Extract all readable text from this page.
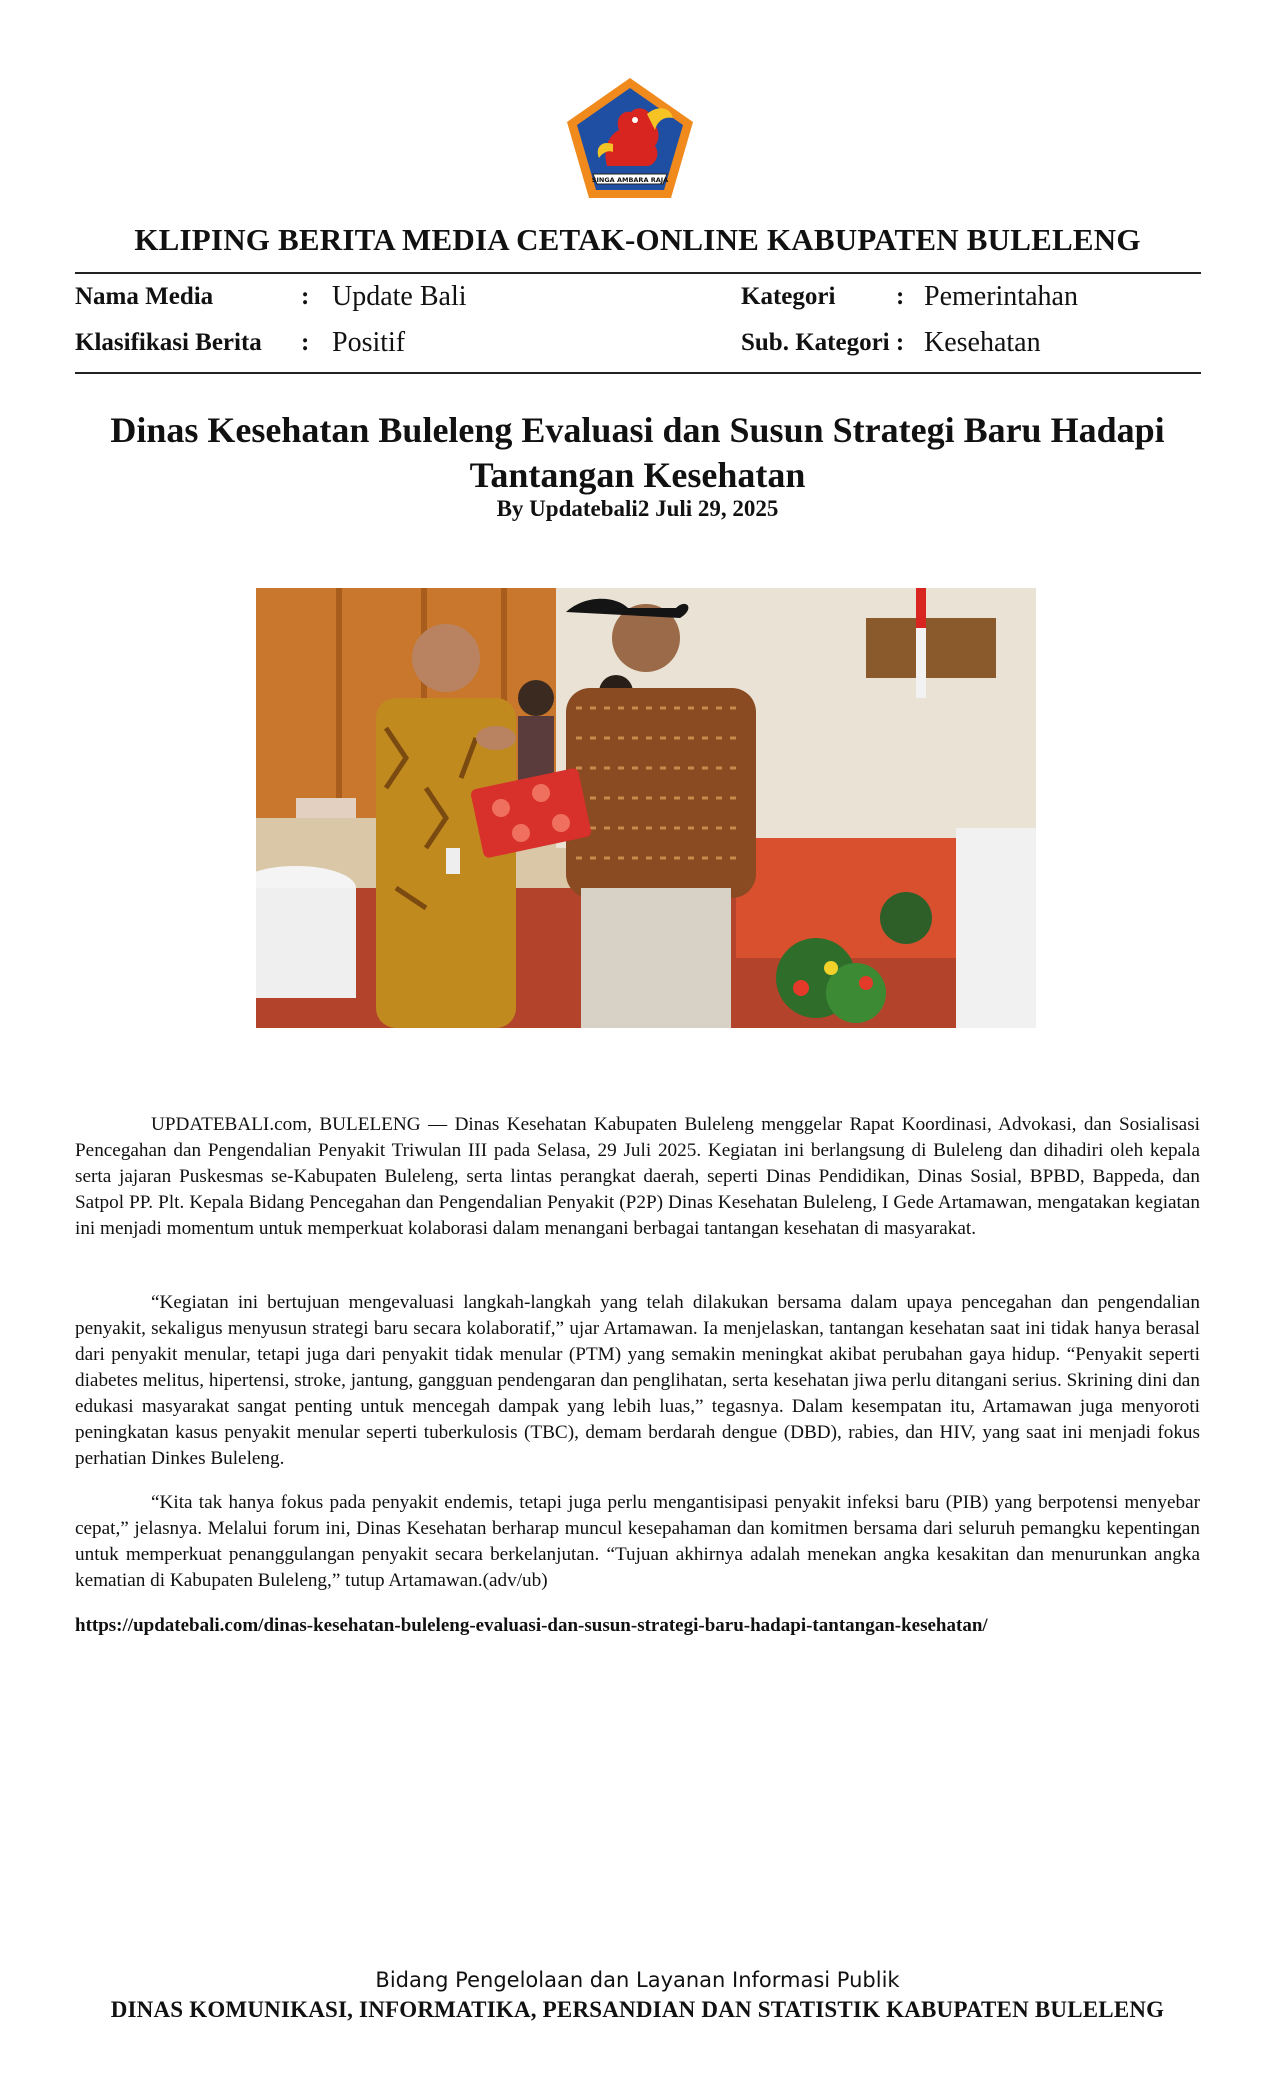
SINGA AMBARA RAJA
KLIPING BERITA MEDIA CETAK-ONLINE KABUPATEN BULELENG
Nama Media	: Update Bali
Klasifikasi Berita : Positif
Kategori : Pemerintahan
Sub. Kategori : Kesehatan
Dinas Kesehatan Buleleng Evaluasi dan Susun Strategi Baru Hadapi Tantangan Kesehatan
By Updatebali2 Juli 29, 2025

UPDATEBALI.com, BULELENG — Dinas Kesehatan Kabupaten Buleleng menggelar Rapat Koordinasi, Advokasi, dan Sosialisasi Pencegahan dan Pengendalian Penyakit Triwulan III pada Selasa, 29 Juli 2025. Kegiatan ini berlangsung di Buleleng dan dihadiri oleh kepala serta jajaran Puskesmas se-Kabupaten Buleleng, serta lintas perangkat daerah, seperti Dinas Pendidikan, Dinas Sosial, BPBD, Bappeda, dan Satpol PP. Plt. Kepala Bidang Pencegahan dan Pengendalian Penyakit (P2P) Dinas Kesehatan Buleleng, I Gede Artamawan, mengatakan kegiatan ini menjadi momentum untuk memperkuat kolaborasi dalam menangani berbagai tantangan kesehatan di masyarakat.

“Kegiatan ini bertujuan mengevaluasi langkah-langkah yang telah dilakukan bersama dalam upaya pencegahan dan pengendalian penyakit, sekaligus menyusun strategi baru secara kolaboratif,” ujar Artamawan. Ia menjelaskan, tantangan kesehatan saat ini tidak hanya berasal dari penyakit menular, tetapi juga dari penyakit tidak menular (PTM) yang semakin meningkat akibat perubahan gaya hidup. “Penyakit seperti diabetes melitus, hipertensi, stroke, jantung, gangguan pendengaran dan penglihatan, serta kesehatan jiwa perlu ditangani serius. Skrining dini dan edukasi masyarakat sangat penting untuk mencegah dampak yang lebih luas,” tegasnya. Dalam kesempatan itu, Artamawan juga menyoroti peningkatan kasus penyakit menular seperti tuberkulosis (TBC), demam berdarah dengue (DBD), rabies, dan HIV, yang saat ini menjadi fokus perhatian Dinkes Buleleng.

“Kita tak hanya fokus pada penyakit endemis, tetapi juga perlu mengantisipasi penyakit infeksi baru (PIB) yang berpotensi menyebar cepat,” jelasnya. Melalui forum ini, Dinas Kesehatan berharap muncul kesepahaman dan komitmen bersama dari seluruh pemangku kepentingan untuk memperkuat penanggulangan penyakit secara berkelanjutan. “Tujuan akhirnya adalah menekan angka kesakitan dan menurunkan angka kematian di Kabupaten Buleleng,” tutup Artamawan.(adv/ub)

https://updatebali.com/dinas-kesehatan-buleleng-evaluasi-dan-susun-strategi-baru-hadapi-tantangan-kesehatan/
Bidang Pengelolaan dan Layanan Informasi Publik
DINAS KOMUNIKASI, INFORMATIKA, PERSANDIAN DAN STATISTIK KABUPATEN BULELENG
